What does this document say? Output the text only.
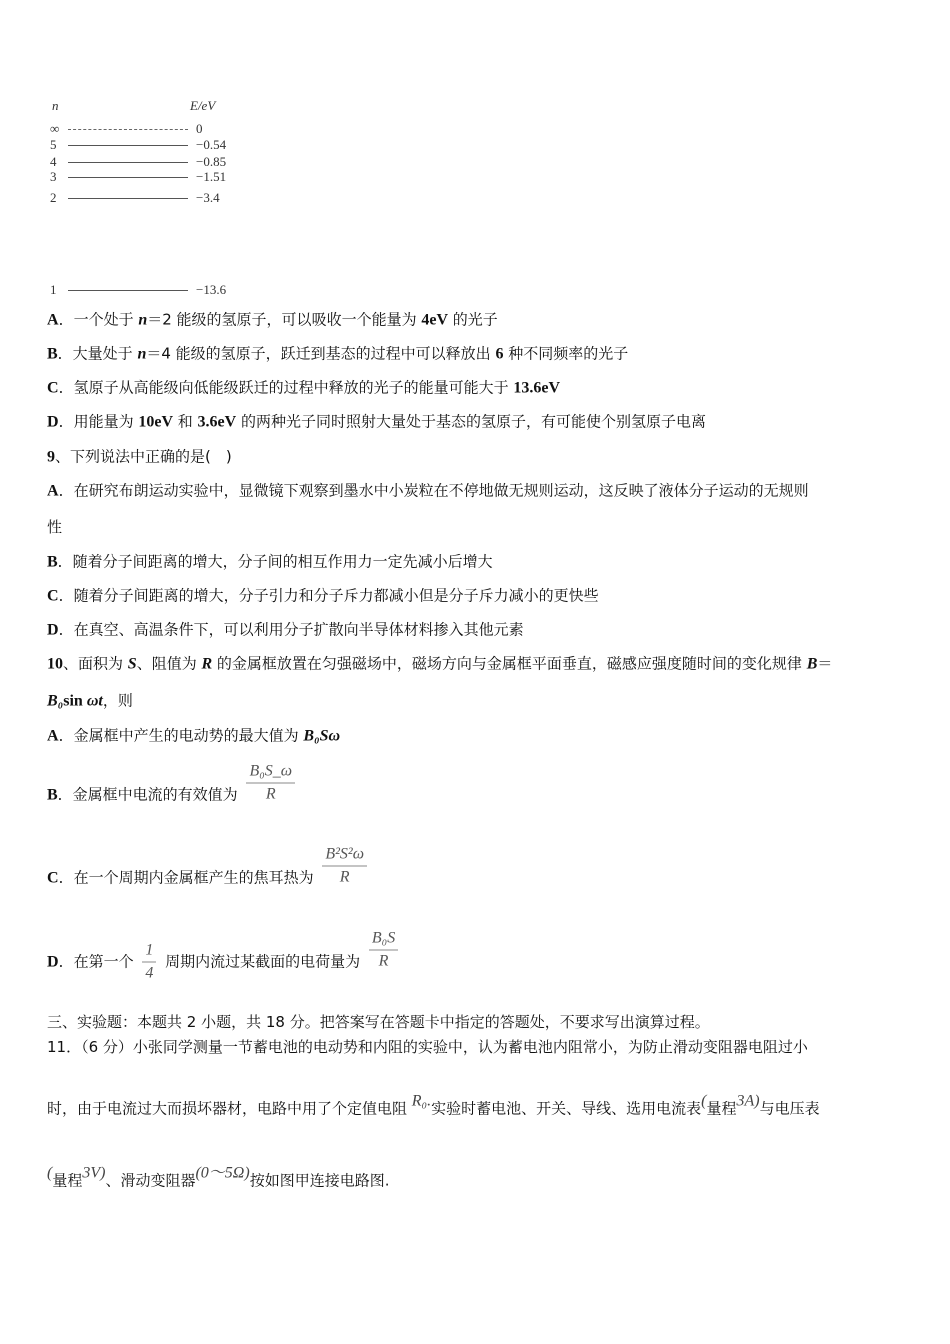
n	E/eV
∞	0
5	−0.54
4	−0.85
3	−1.51
2	−3.4
1	−13.6
A．一个处于 n＝2 能级的氢原子，可以吸收一个能量为 4eV 的光子
B．大量处于 n＝4 能级的氢原子，跃迁到基态的过程中可以释放出 6 种不同频率的光子
C．氢原子从高能级向低能级跃迁的过程中释放的光子的能量可能大于 13.6eV
D．用能量为 10eV 和 3.6eV 的两种光子同时照射大量处于基态的氢原子，有可能使个别氢原子电离
9、下列说法中正确的是(　)
A．在研究布朗运动实验中，显微镜下观察到墨水中小炭粒在不停地做无规则运动，这反映了液体分子运动的无规则
性
B．随着分子间距离的增大，分子间的相互作用力一定先减小后增大
C．随着分子间距离的增大，分子引力和分子斥力都减小但是分子斥力减小的更快些
D．在真空、高温条件下，可以利用分子扩散向半导体材料掺入其他元素
10、面积为 S、阻值为 R 的金属框放置在匀强磁场中，磁场方向与金属框平面垂直，磁感应强度随时间的变化规律 B＝
B₀sin ωt，则
A．金属框中产生的电动势的最大值为 B₀Sω
B．金属框中电流的有效值为 $\frac{\text{B₀S\_ω}}{R}$
C．在一个周期内金属框产生的焦耳热为 $\frac{\text{B²S²ω}}{R}$
D．在第一个 $\frac{1}{4}$ 周期内流过某截面的电荷量为 $\frac{\text{B₀S}}{R}$
三、实验题：本题共 2 小题，共 18 分。把答案写在答题卡中指定的答题处，不要求写出演算过程。
11．（6 分）小张同学测量一节蓄电池的电动势和内阻的实验中，认为蓄电池内阻常小，为防止滑动变阻器电阻过小
时，由于电流过大而损坏器材，电路中用了个定值电阻 R₀.实验时蓄电池、开关、导线、选用电流表(量程3A)与电压表
(量程3V)、滑动变阻器(0～5Ω)按如图甲连接电路图.
